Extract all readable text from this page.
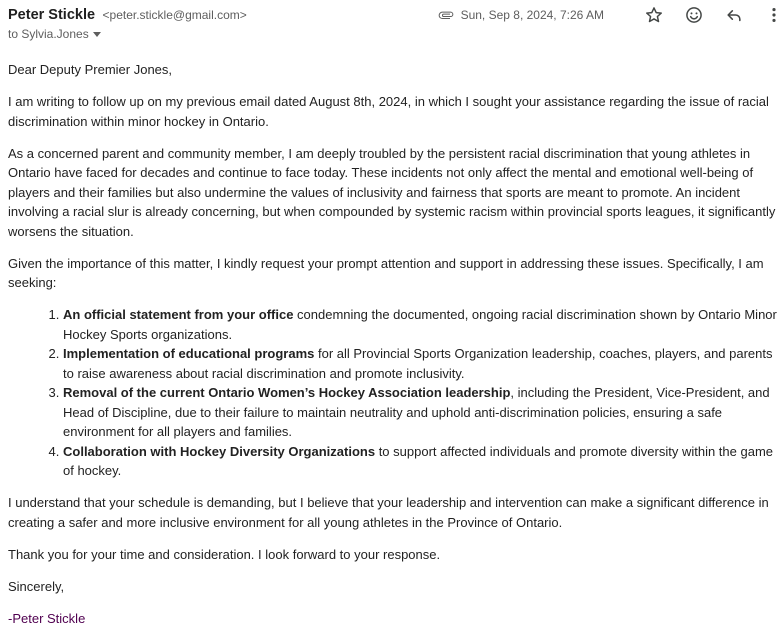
Peter Stickle <peter.stickle@gmail.com>
to Sylvia.Jones
Sun, Sep 8, 2024, 7:26 AM

Dear Deputy Premier Jones,

I am writing to follow up on my previous email dated August 8th, 2024, in which I sought your assistance regarding the issue of racial discrimination within minor hockey in Ontario.

As a concerned parent and community member, I am deeply troubled by the persistent racial discrimination that young athletes in Ontario have faced for decades and continue to face today. These incidents not only affect the mental and emotional well-being of players and their families but also undermine the values of inclusivity and fairness that sports are meant to promote. An incident involving a racial slur is already concerning, but when compounded by systemic racism within provincial sports leagues, it significantly worsens the situation.

Given the importance of this matter, I kindly request your prompt attention and support in addressing these issues. Specifically, I am seeking:

1. An official statement from your office condemning the documented, ongoing racial discrimination shown by Ontario Minor Hockey Sports organizations.
2. Implementation of educational programs for all Provincial Sports Organization leadership, coaches, players, and parents to raise awareness about racial discrimination and promote inclusivity.
3. Removal of the current Ontario Women’s Hockey Association leadership, including the President, Vice-President, and Head of Discipline, due to their failure to maintain neutrality and uphold anti-discrimination policies, ensuring a safe environment for all players and families.
4. Collaboration with Hockey Diversity Organizations to support affected individuals and promote diversity within the game of hockey.

I understand that your schedule is demanding, but I believe that your leadership and intervention can make a significant difference in creating a safer and more inclusive environment for all young athletes in the Province of Ontario.

Thank you for your time and consideration. I look forward to your response.

Sincerely,

-Peter Stickle
